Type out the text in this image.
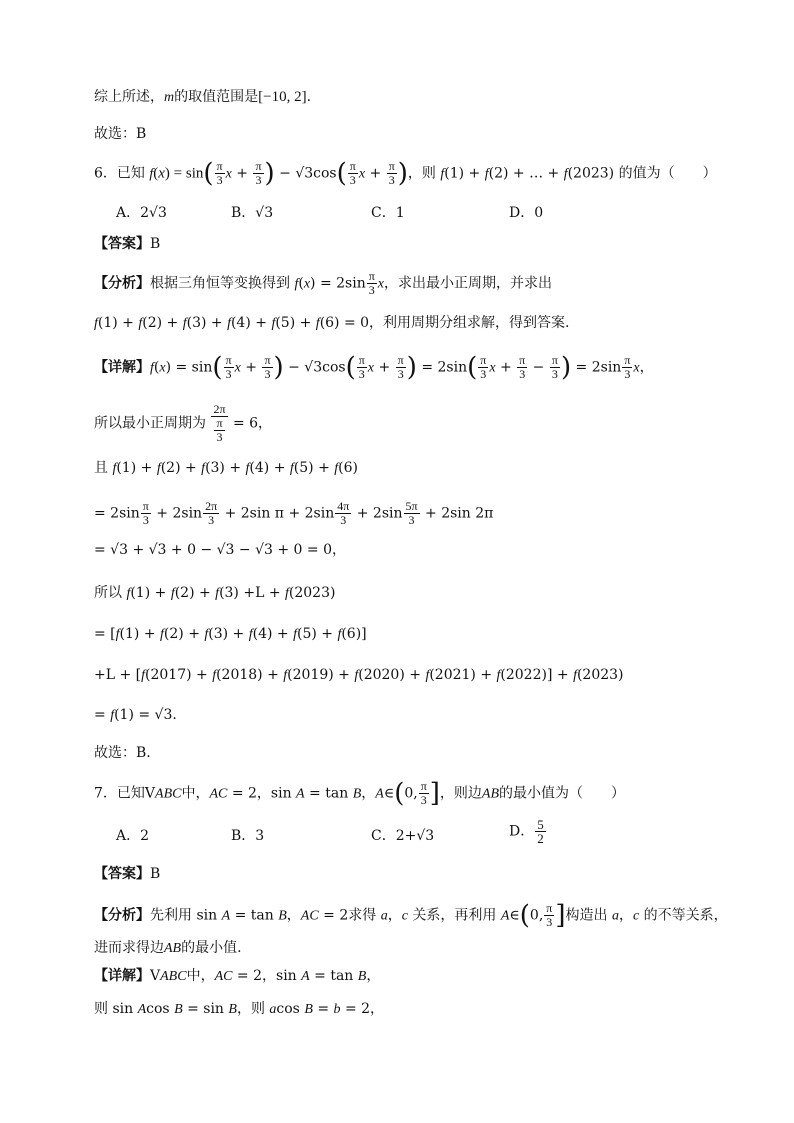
综上所述，m的取值范围是[−10, 2].
故选：B
6．已知 $f(x) = \sin( \frac{\pi}{3}$ $x + \frac{\pi}{3}$ ) − $√3\cos( \frac{\pi}{3}$ $x + \frac{\pi}{3}$ )，则 f(1) + f(2) + … + f(2023) 的值为（　　）
A．2√3	B．√3	C．1	D．0
【答案】B
【分析】根据三角恒等变换得到 $f(x) = 2\sin \frac{\pi}{3}$ x，求出最小正周期，并求出
f(1) + f(2) + f(3) + f(4) + f(5) + f(6) = 0，利用周期分组求解，得到答案.
【详解】$f(x) = \sin( \frac{\pi}{3}$ $x + \frac{\pi}{3}$ ) − $√3\cos( \frac{\pi}{3}$ $x + \frac{\pi}{3}$ ) = $2\sin( \frac{\pi}{3}$ $x + \frac{\pi}{3} - \frac{\pi}{3}$ ) = $2\sin \frac{\pi}{3}$ x，
所以最小正周期为 $\frac{2\pi}{\frac{\pi}{3}} = 6$，
且 f(1) + f(2) + f(3) + f(4) + f(5) + f(6)
= $2\sin \frac{\pi}{3} + 2\sin \frac{2\pi}{3} + 2\sin$ $\pi + 2\sin \frac{4\pi}{3} + 2\sin \frac{5\pi}{3} + 2\sin$ 2π
= √3 + √3 + 0 − √3 − √3 + 0 = 0，
所以 f(1) + f(2) + f(3) +L + f(2023)
= [f(1) + f(2) + f(3) + f(4) + f(5) + f(6)]
+L + [f(2017) + f(2018) + f(2019) + f(2020) + f(2021) + f(2022)] + f(2023)
= f(1) = √3.
故选：B.
7．已知VABC中，AC = 2，sin A = tan B，A∈(0, $\frac{\pi}{3}$ ]，则边AB的最小值为（　　）
A．2	B．3	C．2+√3	D． $\frac{5}{2}$
【答案】B
【分析】先利用 sin A = tan B，AC = 2求得 a，c 关系，再利用 A∈(0, $\frac{\pi}{3}$ ]构造出 a，c 的不等关系，
进而求得边AB的最小值.
【详解】VABC中，AC = 2，sin A = tan B，
则 sin Acos B = sin B，则 acos B = b = 2，
